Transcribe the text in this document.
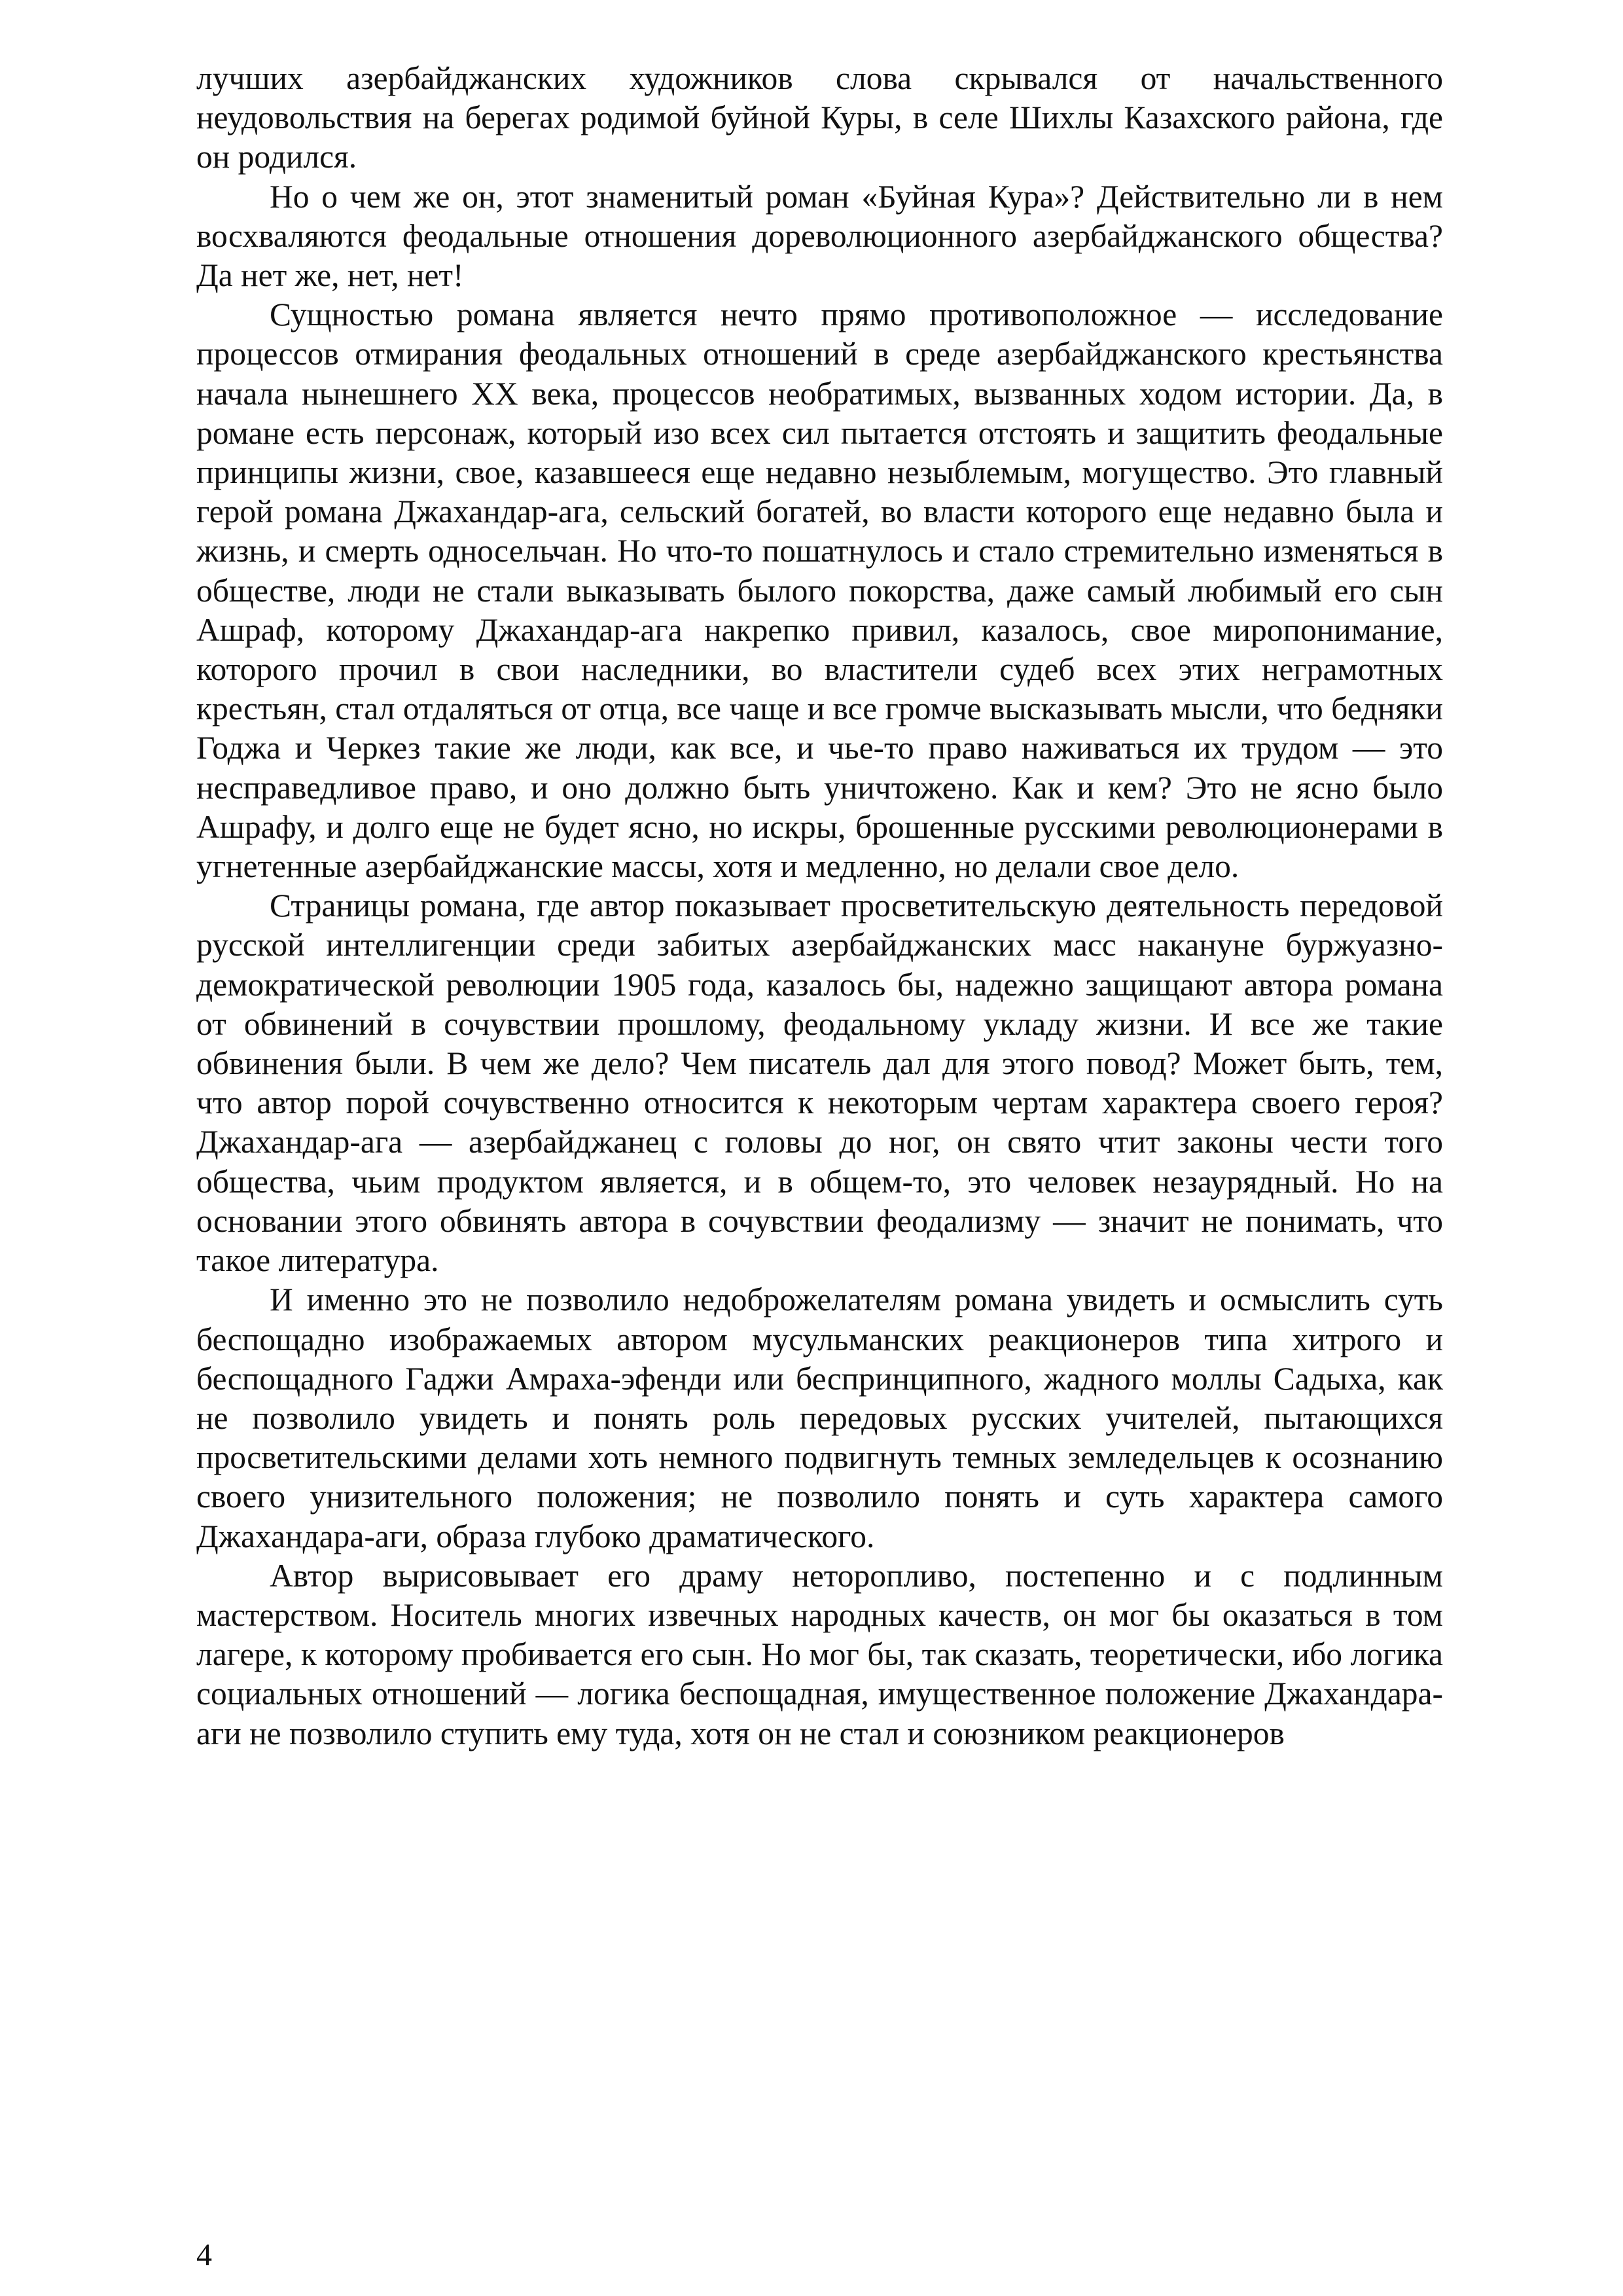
лучших азербайджанских художников слова скрывался от начальственного неудовольствия на берегах родимой буйной Куры, в селе Шихлы Казахского района, где он родился.

Но о чем же он, этот знаменитый роман «Буйная Кура»? Действительно ли в нем восхваляются феодальные отношения дореволюционного азербайджанского общества? Да нет же, нет, нет!

Сущностью романа является нечто прямо противоположное — исследование процессов отмирания феодальных отношений в среде азербайджанского крестьянства начала нынешнего XX века, процессов необратимых, вызванных ходом истории. Да, в романе есть персонаж, который изо всех сил пытается отстоять и защитить феодальные принципы жизни, свое, казавшееся еще недавно незыблемым, могущество. Это главный герой романа Джахандар-ага, сельский богатей, во власти которого еще недавно была и жизнь, и смерть односельчан. Но что-то пошатнулось и стало стремительно изменяться в обществе, люди не стали выказывать былого покорства, даже самый любимый его сын Ашраф, которому Джахандар-ага накрепко привил, казалось, свое миропонимание, которого прочил в свои наследники, во властители судеб всех этих неграмотных крестьян, стал отдаляться от отца, все чаще и все громче высказывать мысли, что бедняки Годжа и Черкез такие же люди, как все, и чье-то право наживаться их трудом — это несправедливое право, и оно должно быть уничтожено. Как и кем? Это не ясно было Ашрафу, и долго еще не будет ясно, но искры, брошенные русскими революционерами в угнетенные азербайджанские массы, хотя и медленно, но делали свое дело.

Страницы романа, где автор показывает просветительскую деятельность передовой русской интеллигенции среди забитых азербайджанских масс накануне буржуазно-демократической революции 1905 года, казалось бы, надежно защищают автора романа от обвинений в сочувствии прошлому, феодальному укладу жизни. И все же такие обвинения были. В чем же дело? Чем писатель дал для этого повод? Может быть, тем, что автор порой сочувственно относится к некоторым чертам характера своего героя? Джахандар-ага — азербайджанец с головы до ног, он свято чтит законы чести того общества, чьим продуктом является, и в общем-то, это человек незаурядный. Но на основании этого обвинять автора в сочувствии феодализму — значит не понимать, что такое литература.

И именно это не позволило недоброжелателям романа увидеть и осмыслить суть беспощадно изображаемых автором мусульманских реакционеров типа хитрого и беспощадного Гаджи Амраха-эфенди или беспринципного, жадного моллы Садыха, как не позволило увидеть и понять роль передовых русских учителей, пытающихся просветительскими делами хоть немного подвигнуть темных земледельцев к осознанию своего унизительного положения; не позволило понять и суть характера самого Джахандара-аги, образа глубоко драматического.

Автор вырисовывает его драму неторопливо, постепенно и с подлинным мастерством. Носитель многих извечных народных качеств, он мог бы оказаться в том лагере, к которому пробивается его сын. Но мог бы, так сказать, теоретически, ибо логика социальных отношений — логика беспощадная, имущественное положение Джахандара-аги не позволило ступить ему туда, хотя он не стал и союзником реакционеров

4
